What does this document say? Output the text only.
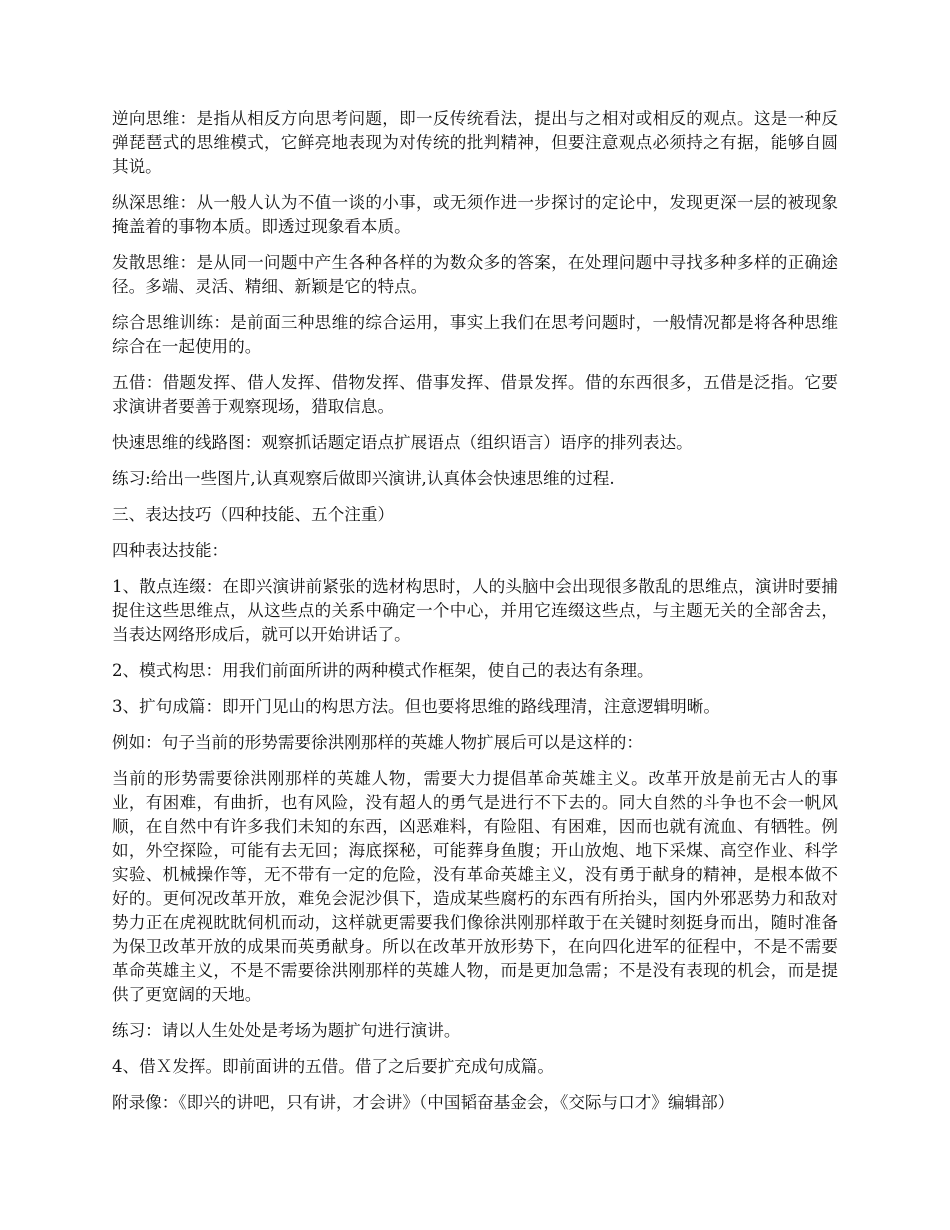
逆向思维：是指从相反方向思考问题，即一反传统看法，提出与之相对或相反的观点。这是一种反弹琵琶式的思维模式，它鲜亮地表现为对传统的批判精神，但要注意观点必须持之有据，能够自圆其说。

纵深思维：从一般人认为不值一谈的小事，或无须作进一步探讨的定论中，发现更深一层的被现象掩盖着的事物本质。即透过现象看本质。

发散思维：是从同一问题中产生各种各样的为数众多的答案，在处理问题中寻找多种多样的正确途径。多端、灵活、精细、新颖是它的特点。

综合思维训练：是前面三种思维的综合运用，事实上我们在思考问题时，一般情况都是将各种思维综合在一起使用的。

五借：借题发挥、借人发挥、借物发挥、借事发挥、借景发挥。借的东西很多，五借是泛指。它要求演讲者要善于观察现场，猎取信息。

快速思维的线路图：观察抓话题定语点扩展语点（组织语言）语序的排列表达。

练习:给出一些图片,认真观察后做即兴演讲,认真体会快速思维的过程.

三、表达技巧（四种技能、五个注重）

四种表达技能：

1、散点连缀：在即兴演讲前紧张的选材构思时，人的头脑中会出现很多散乱的思维点，演讲时要捕捉住这些思维点，从这些点的关系中确定一个中心，并用它连缀这些点，与主题无关的全部舍去，当表达网络形成后，就可以开始讲话了。

2、模式构思：用我们前面所讲的两种模式作框架，使自己的表达有条理。

3、扩句成篇：即开门见山的构思方法。但也要将思维的路线理清，注意逻辑明晰。

例如：句子当前的形势需要徐洪刚那样的英雄人物扩展后可以是这样的：

当前的形势需要徐洪刚那样的英雄人物，需要大力提倡革命英雄主义。改革开放是前无古人的事业，有困难，有曲折，也有风险，没有超人的勇气是进行不下去的。同大自然的斗争也不会一帆风顺，在自然中有许多我们未知的东西，凶恶难料，有险阻、有困难，因而也就有流血、有牺牲。例如，外空探险，可能有去无回；海底探秘，可能葬身鱼腹；开山放炮、地下采煤、高空作业、科学实验、机械操作等，无不带有一定的危险，没有革命英雄主义，没有勇于献身的精神，是根本做不好的。更何况改革开放，难免会泥沙俱下，造成某些腐朽的东西有所抬头，国内外邪恶势力和敌对势力正在虎视眈眈伺机而动，这样就更需要我们像徐洪刚那样敢于在关键时刻挺身而出，随时准备为保卫改革开放的成果而英勇献身。所以在改革开放形势下，在向四化进军的征程中，不是不需要革命英雄主义，不是不需要徐洪刚那样的英雄人物，而是更加急需；不是没有表现的机会，而是提供了更宽阔的天地。

练习：请以人生处处是考场为题扩句进行演讲。

4、借Ｘ发挥。即前面讲的五借。借了之后要扩充成句成篇。

附录像：《即兴的讲吧，只有讲，才会讲》（中国韬奋基金会，《交际与口才》编辑部）
